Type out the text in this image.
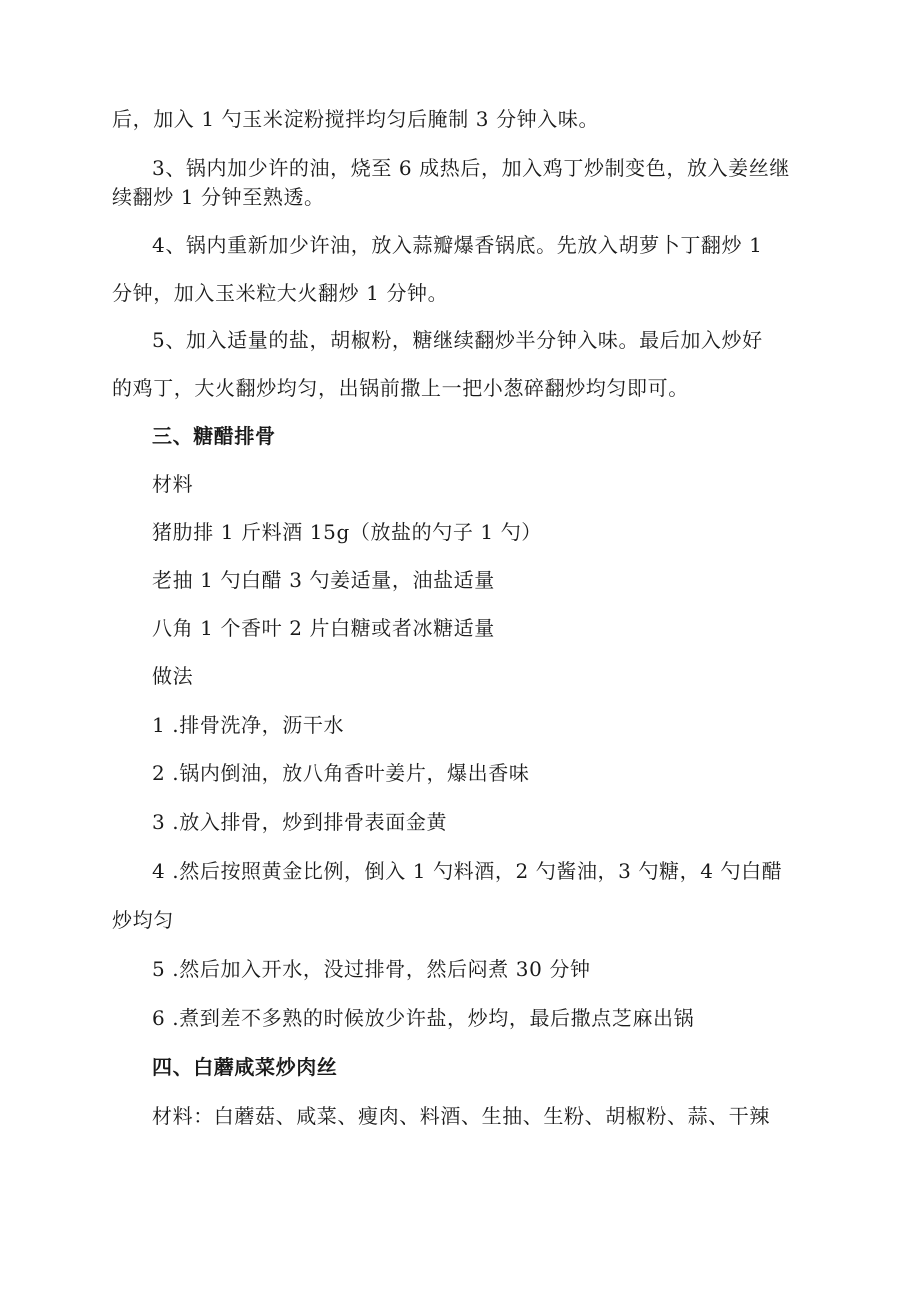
后，加入 1 勺玉米淀粉搅拌均匀后腌制 3 分钟入味。
3、锅内加少许的油，烧至 6 成热后，加入鸡丁炒制变色，放入姜丝继
续翻炒 1 分钟至熟透。
4、锅内重新加少许油，放入蒜瓣爆香锅底。先放入胡萝卜丁翻炒 1
分钟，加入玉米粒大火翻炒 1 分钟。
5、加入适量的盐，胡椒粉，糖继续翻炒半分钟入味。最后加入炒好
的鸡丁，大火翻炒均匀，出锅前撒上一把小葱碎翻炒均匀即可。
三、糖醋排骨
材料
猪肋排 1 斤料酒 15g（放盐的勺子 1 勺）
老抽 1 勺白醋 3 勺姜适量，油盐适量
八角 1 个香叶 2 片白糖或者冰糖适量
做法
1 .排骨洗净，沥干水
2 .锅内倒油，放八角香叶姜片，爆出香味
3 .放入排骨，炒到排骨表面金黄
4 .然后按照黄金比例，倒入 1 勺料酒，2 勺酱油，3 勺糖，4 勺白醋
炒均匀
5 .然后加入开水，没过排骨，然后闷煮 30 分钟
6 .煮到差不多熟的时候放少许盐，炒均，最后撒点芝麻出锅
四、白蘑咸菜炒肉丝
材料：白蘑菇、咸菜、瘦肉、料酒、生抽、生粉、胡椒粉、蒜、干辣
